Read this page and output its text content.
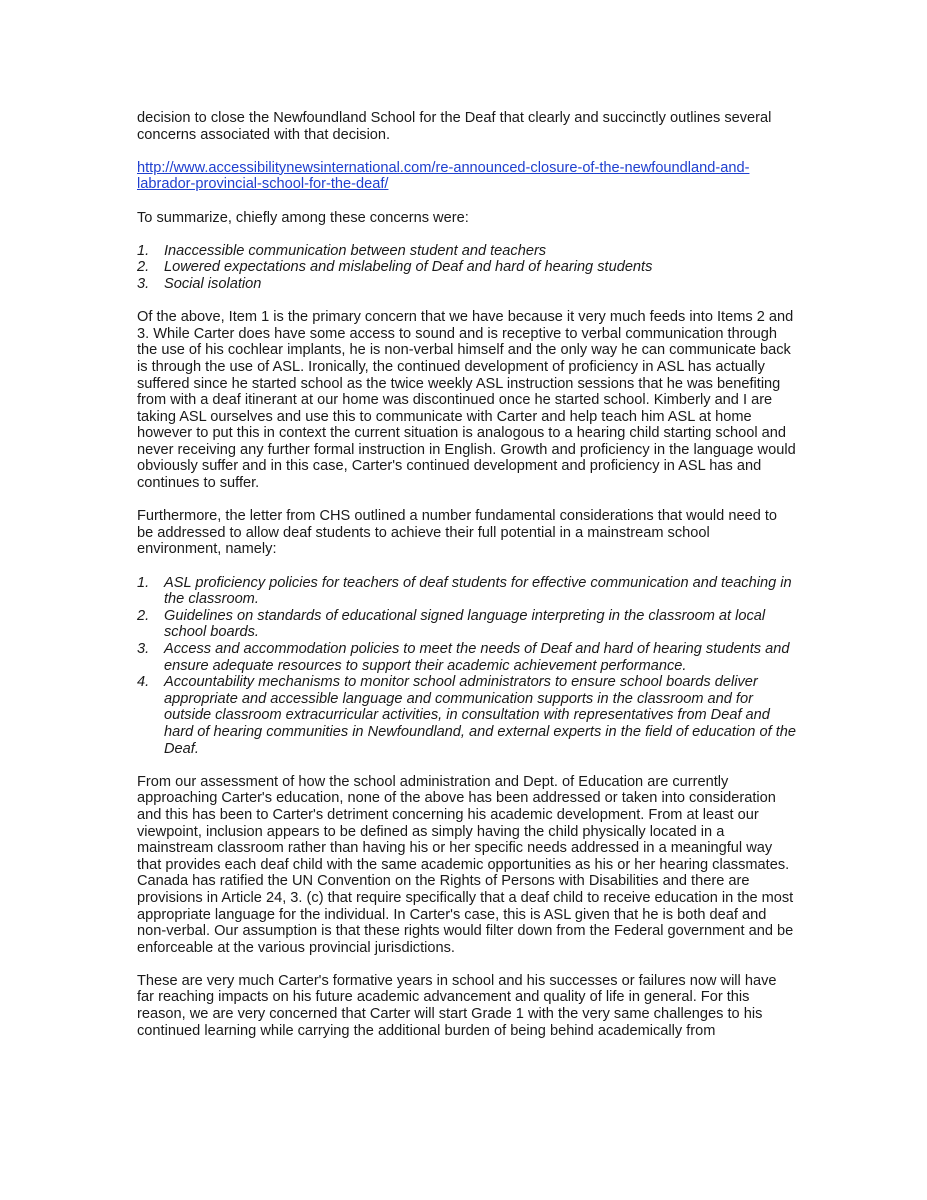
decision to close the Newfoundland School for the Deaf that clearly and succinctly outlines several concerns associated with that decision.

http://www.accessibilitynewsinternational.com/re-announced-closure-of-the-newfoundland-and-labrador-provincial-school-for-the-deaf/

To summarize, chiefly among these concerns were:

1. Inaccessible communication between student and teachers
2. Lowered expectations and mislabeling of Deaf and hard of hearing students
3. Social isolation

Of the above, Item 1 is the primary concern that we have because it very much feeds into Items 2 and 3. While Carter does have some access to sound and is receptive to verbal communication through the use of his cochlear implants, he is non-verbal himself and the only way he can communicate back is through the use of ASL. Ironically, the continued development of proficiency in ASL has actually suffered since he started school as the twice weekly ASL instruction sessions that he was benefiting from with a deaf itinerant at our home was discontinued once he started school. Kimberly and I are taking ASL ourselves and use this to communicate with Carter and help teach him ASL at home however to put this in context the current situation is analogous to a hearing child starting school and never receiving any further formal instruction in English. Growth and proficiency in the language would obviously suffer and in this case, Carter's continued development and proficiency in ASL has and continues to suffer.

Furthermore, the letter from CHS outlined a number fundamental considerations that would need to be addressed to allow deaf students to achieve their full potential in a mainstream school environment, namely:

1. ASL proficiency policies for teachers of deaf students for effective communication and teaching in the classroom.
2. Guidelines on standards of educational signed language interpreting in the classroom at local school boards.
3. Access and accommodation policies to meet the needs of Deaf and hard of hearing students and ensure adequate resources to support their academic achievement performance.
4. Accountability mechanisms to monitor school administrators to ensure school boards deliver appropriate and accessible language and communication supports in the classroom and for outside classroom extracurricular activities, in consultation with representatives from Deaf and hard of hearing communities in Newfoundland, and external experts in the field of education of the Deaf.

From our assessment of how the school administration and Dept. of Education are currently approaching Carter's education, none of the above has been addressed or taken into consideration and this has been to Carter's detriment concerning his academic development. From at least our viewpoint, inclusion appears to be defined as simply having the child physically located in a mainstream classroom rather than having his or her specific needs addressed in a meaningful way that provides each deaf child with the same academic opportunities as his or her hearing classmates. Canada has ratified the UN Convention on the Rights of Persons with Disabilities and there are provisions in Article 24, 3. (c) that require specifically that a deaf child to receive education in the most appropriate language for the individual. In Carter's case, this is ASL given that he is both deaf and non-verbal. Our assumption is that these rights would filter down from the Federal government and be enforceable at the various provincial jurisdictions.

These are very much Carter's formative years in school and his successes or failures now will have far reaching impacts on his future academic advancement and quality of life in general. For this reason, we are very concerned that Carter will start Grade 1 with the very same challenges to his continued learning while carrying the additional burden of being behind academically from
